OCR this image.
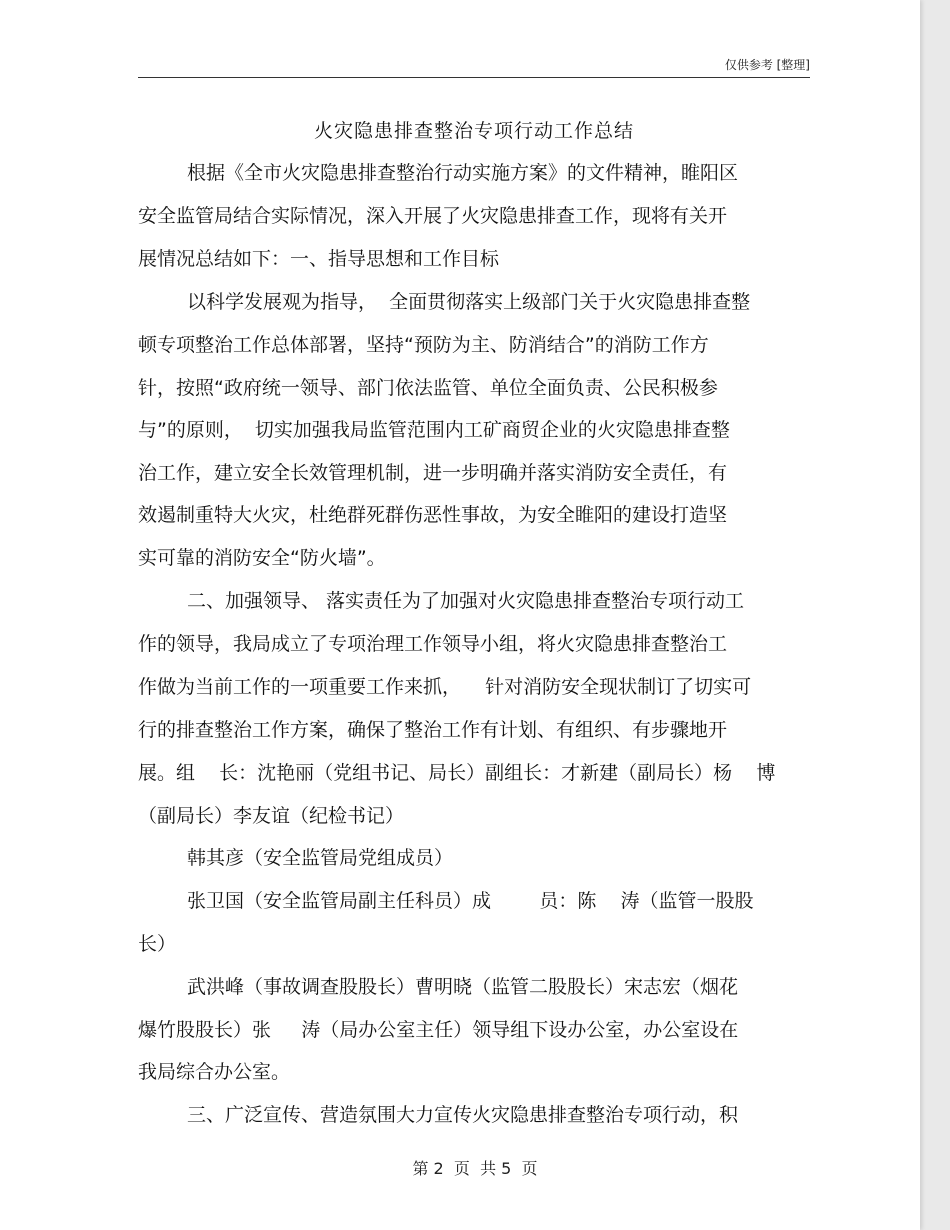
仅供参考 [整理]
火灾隐患排查整治专项行动工作总结
根据《全市火灾隐患排查整治行动实施方案》的文件精神，睢阳区
安全监管局结合实际情况，深入开展了火灾隐患排查工作，现将有关开
展情况总结如下：一、指导思想和工作目标
以科学发展观为指导，  全面贯彻落实上级部门关于火灾隐患排查整
顿专项整治工作总体部署，坚持“预防为主、防消结合”的消防工作方
针，按照“政府统一领导、部门依法监管、单位全面负责、公民积极参
与”的原则，  切实加强我局监管范围内工矿商贸企业的火灾隐患排查整
治工作，建立安全长效管理机制，进一步明确并落实消防安全责任，有
效遏制重特大火灾，杜绝群死群伤恶性事故，为安全睢阳的建设打造坚
实可靠的消防安全“防火墙”。
二、加强领导、 落实责任为了加强对火灾隐患排查整治专项行动工
作的领导，我局成立了专项治理工作领导小组，将火灾隐患排查整治工
作做为当前工作的一项重要工作来抓，    针对消防安全现状制订了切实可
行的排查整治工作方案，确保了整治工作有计划、有组织、有步骤地开
展。组    长：沈艳丽（党组书记、局长）副组长：才新建（副局长）杨    博
（副局长）李友谊（纪检书记）
韩其彦（安全监管局党组成员）
张卫国（安全监管局副主任科员）成        员：陈    涛（监管一股股
长）
武洪峰（事故调查股股长）曹明晓（监管二股股长）宋志宏（烟花
爆竹股股长）张     涛（局办公室主任）领导组下设办公室，办公室设在
我局综合办公室。
三、广泛宣传、营造氛围大力宣传火灾隐患排查整治专项行动，积
第 2  页  共 5  页
